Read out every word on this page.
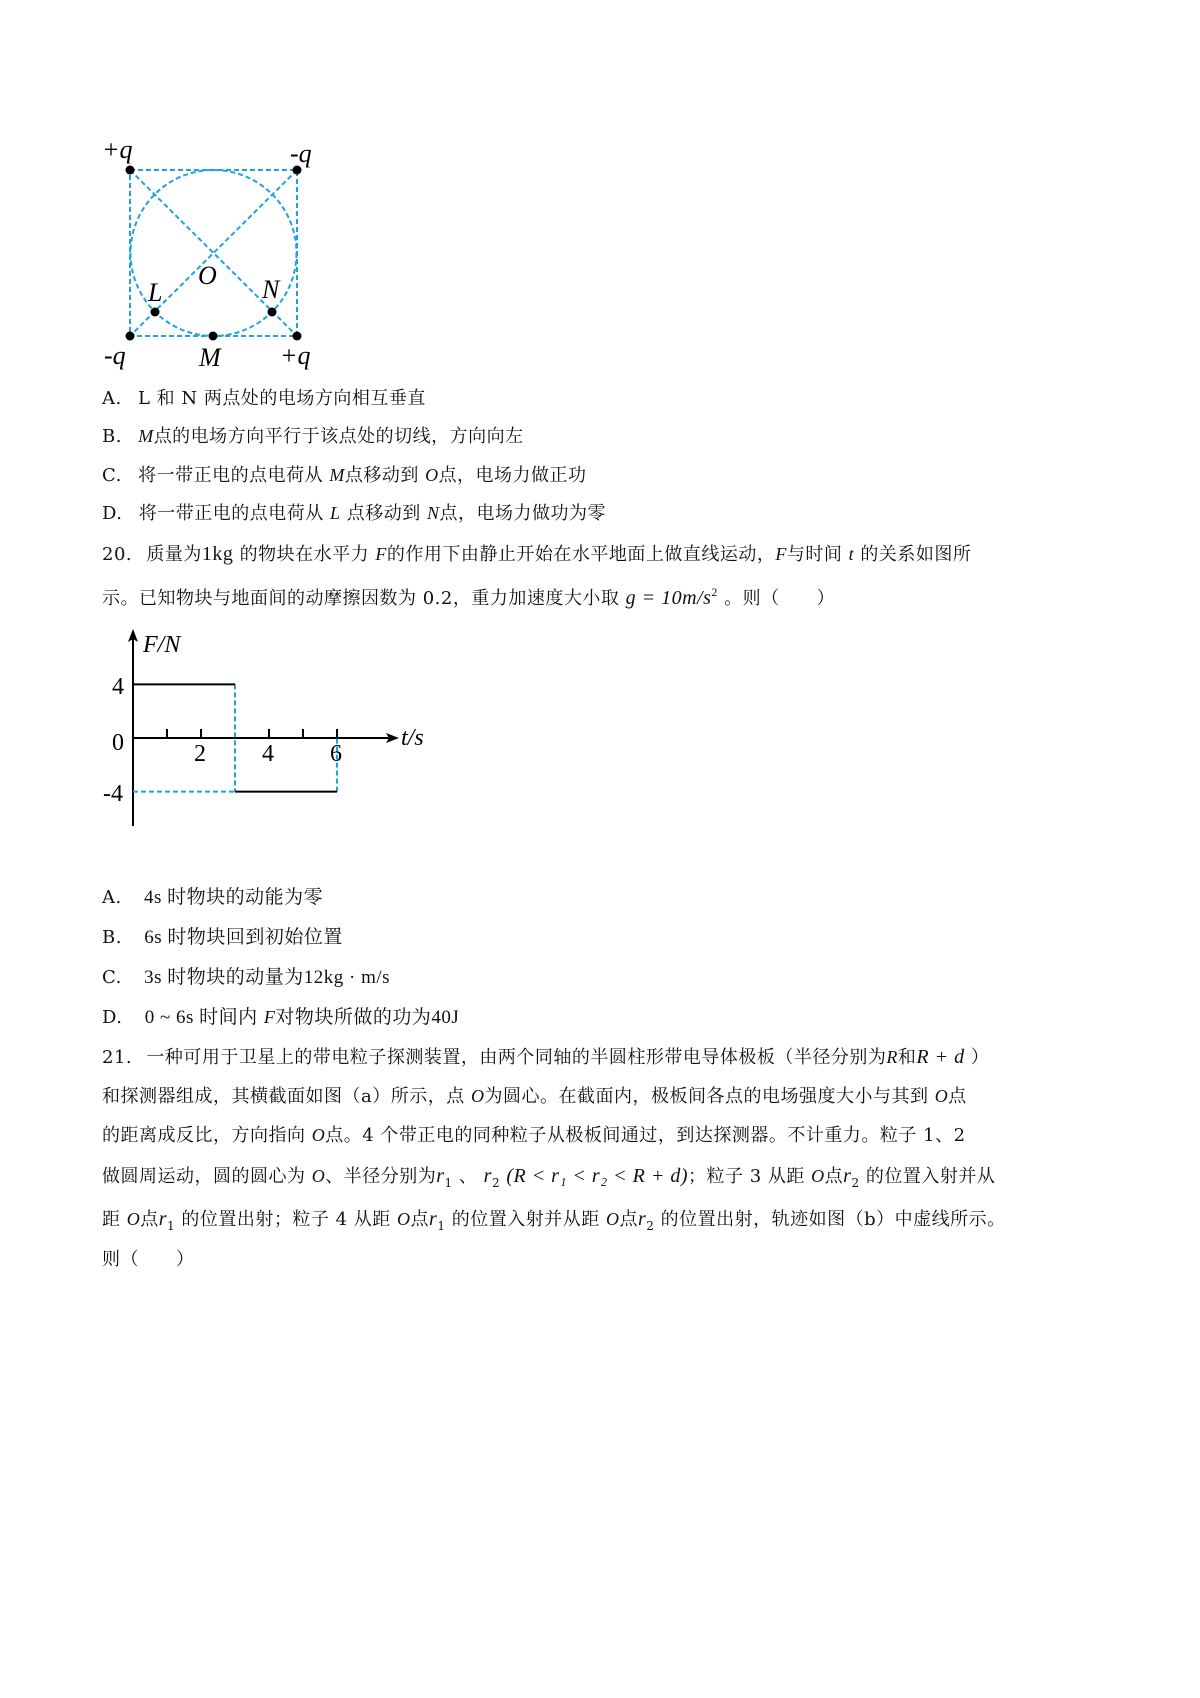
+q	-q
-q	+q
O
L	N
M
A. L 和 N 两点处的电场方向相互垂直
B. M点的电场方向平行于该点处的切线，方向向左
C. 将一带正电的点电荷从 M点移动到 O点，电场力做正功
D. 将一带正电的点电荷从 L 点移动到 N点，电场力做功为零
20. 质量为1kg 的物块在水平力 F的作用下由静止开始在水平地面上做直线运动，F与时间 t 的关系如图所
示。已知物块与地面间的动摩擦因数为 0.2，重力加速度大小取 $g = 10m/s^2$ 。则（　　）
F/N
t/s
0
4
-4
2 4 6
A. 4s 时物块的动能为零
B. 6s 时物块回到初始位置
C. 3s 时物块的动量为12kg · m/s
D. 0 ~ 6s 时间内 F对物块所做的功为40J
21. 一种可用于卫星上的带电粒子探测装置，由两个同轴的半圆柱形带电导体极板（半径分别为R和R + d ）
和探测器组成，其横截面如图（a）所示，点 O为圆心。在截面内，极板间各点的电场强度大小与其到 O点
的距离成反比，方向指向 O点。4 个带正电的同种粒子从极板间通过，到达探测器。不计重力。粒子 1、2
做圆周运动，圆的圆心为 O、半径分别为$r_1$ 、 $r_2$ (R < r₁ < r₂ < R + d)；粒子 3 从距 O点$r_2$ 的位置入射并从
距 O点$r_1$ 的位置出射；粒子 4 从距 O点$r_1$ 的位置入射并从距 O点$r_2$ 的位置出射，轨迹如图（b）中虚线所示。
则（　　）
